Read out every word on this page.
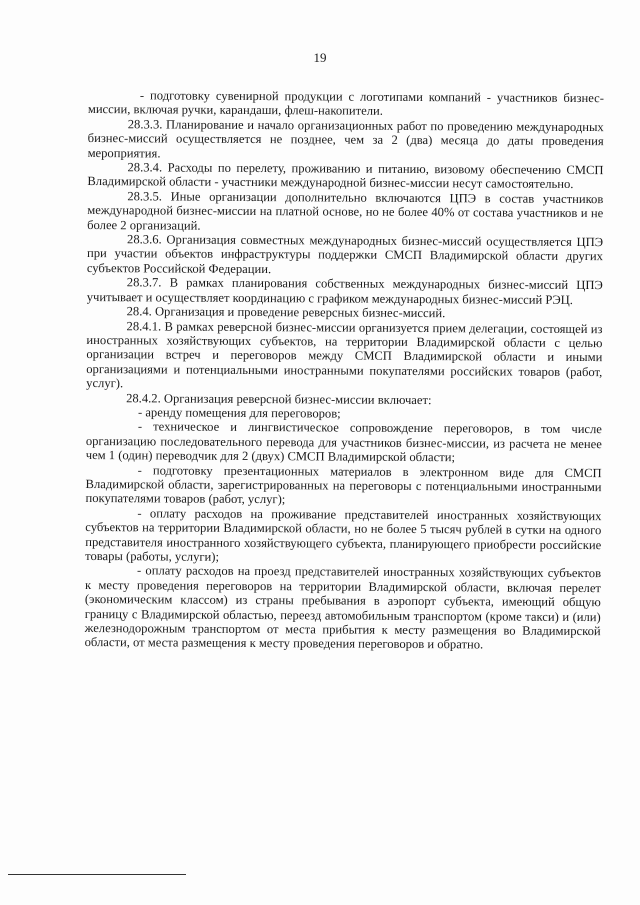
19

- подготовку сувенирной продукции с логотипами компаний - участников бизнес-миссии, включая ручки, карандаши, флеш-накопители.

28.3.3. Планирование и начало организационных работ по проведению международных бизнес-миссий осуществляется не позднее, чем за 2 (два) месяца до даты проведения мероприятия.

28.3.4. Расходы по перелету, проживанию и питанию, визовому обеспечению СМСП Владимирской области - участники международной бизнес-миссии несут самостоятельно.

28.3.5. Иные организации дополнительно включаются ЦПЭ в состав участников международной бизнес-миссии на платной основе, но не более 40% от состава участников и не более 2 организаций.

28.3.6. Организация совместных международных бизнес-миссий осуществляется ЦПЭ при участии объектов инфраструктуры поддержки СМСП Владимирской области других субъектов Российской Федерации.

28.3.7. В рамках планирования собственных международных бизнес-миссий ЦПЭ учитывает и осуществляет координацию с графиком международных бизнес-миссий РЭЦ.

28.4. Организация и проведение реверсных бизнес-миссий.

28.4.1. В рамках реверсной бизнес-миссии организуется прием делегации, состоящей из иностранных хозяйствующих субъектов, на территории Владимирской области с целью организации встреч и переговоров между СМСП Владимирской области и иными организациями и потенциальными иностранными покупателями российских товаров (работ, услуг).

28.4.2. Организация реверсной бизнес-миссии включает:

- аренду помещения для переговоров;

- техническое и лингвистическое сопровождение переговоров, в том числе организацию последовательного перевода для участников бизнес-миссии, из расчета не менее чем 1 (один) переводчик для 2 (двух) СМСП Владимирской области;

- подготовку презентационных материалов в электронном виде для СМСП Владимирской области, зарегистрированных на переговоры с потенциальными иностранными покупателями товаров (работ, услуг);

- оплату расходов на проживание представителей иностранных хозяйствующих субъектов на территории Владимирской области, но не более 5 тысяч рублей в сутки на одного представителя иностранного хозяйствующего субъекта, планирующего приобрести российские товары (работы, услуги);

- оплату расходов на проезд представителей иностранных хозяйствующих субъектов к месту проведения переговоров на территории Владимирской области, включая перелет (экономическим классом) из страны пребывания в аэропорт субъекта, имеющий общую границу с Владимирской областью, переезд автомобильным транспортом (кроме такси) и (или) железнодорожным транспортом от места прибытия к месту размещения во Владимирской области, от места размещения к месту проведения переговоров и обратно.
